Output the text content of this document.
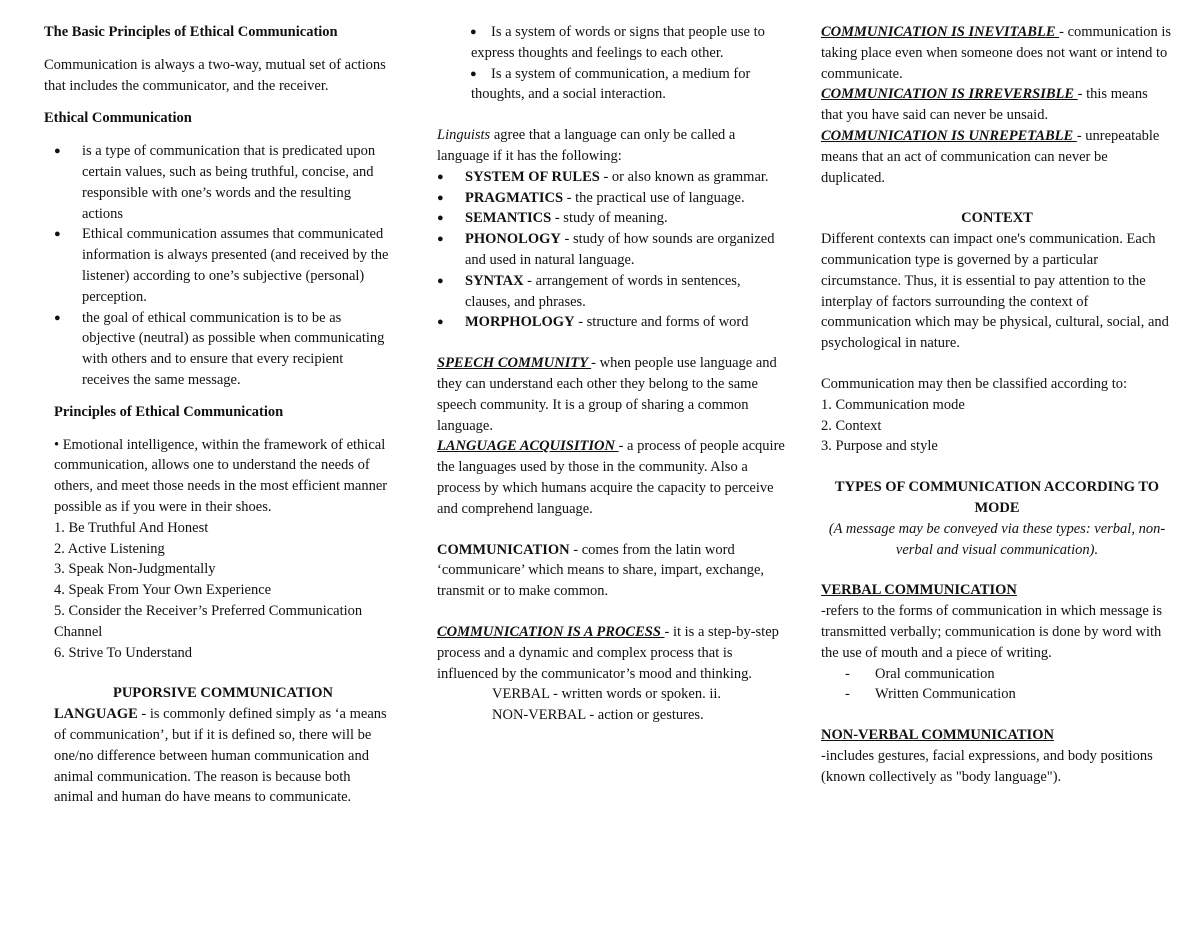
The Basic Principles of Ethical Communication

Communication is always a two-way, mutual set of actions that includes the communicator, and the receiver.

Ethical Communication

● is a type of communication that is predicated upon certain values, such as being truthful, concise, and responsible with one’s words and the resulting actions
● Ethical communication assumes that communicated information is always presented (and received by the listener) according to one’s subjective (personal) perception.
● the goal of ethical communication is to be as objective (neutral) as possible when communicating with others and to ensure that every recipient receives the same message.

Principles of Ethical Communication

• Emotional intelligence, within the framework of ethical communication, allows one to understand the needs of others, and meet those needs in the most efficient manner possible as if you were in their shoes.

1. Be Truthful And Honest

2. Active Listening

3. Speak Non-Judgmentally

4. Speak From Your Own Experience

5. Consider the Receiver’s Preferred Communication Channel

6. Strive To Understand

PUPORSIVE COMMUNICATION

LANGUAGE - is commonly defined simply as ‘a means of communication’, but if it is defined so, there will be one/no difference between human communication and animal communication. The reason is because both animal and human do have means to communicate.

● Is a system of words or signs that people use to express thoughts and feelings to each other.
● Is a system of communication, a medium for thoughts, and a social interaction.

Linguists agree that a language can only be called a language if it has the following:

● SYSTEM OF RULES - or also known as grammar.
● PRAGMATICS - the practical use of language.
● SEMANTICS - study of meaning.
● PHONOLOGY - study of how sounds are organized and used in natural language.
● SYNTAX - arrangement of words in sentences, clauses, and phrases.
● MORPHOLOGY - structure and forms of word

SPEECH COMMUNITY - when people use language and they can understand each other they belong to the same speech community. It is a group of sharing a common language.

LANGUAGE ACQUISITION - a process of people acquire the languages used by those in the community. Also a process by which humans acquire the capacity to perceive and comprehend language.

COMMUNICATION - comes from the latin word ‘communicare’ which means to share, impart, exchange, transmit or to make common.

COMMUNICATION IS A PROCESS - it is a step-by-step process and a dynamic and complex process that is influenced by the communicator’s mood and thinking.

VERBAL - written words or spoken. ii.

NON-VERBAL - action or gestures.

COMMUNICATION IS INEVITABLE - communication is taking place even when someone does not want or intend to communicate.

COMMUNICATION IS IRREVERSIBLE - this means that you have said can never be unsaid.

COMMUNICATION IS UNREPETABLE - unrepeatable means that an act of communication can never be duplicated.

CONTEXT

Different contexts can impact one's communication. Each communication type is governed by a particular circumstance. Thus, it is essential to pay attention to the interplay of factors surrounding the context of communication which may be physical, cultural, social, and psychological in nature.

Communication may then be classified according to:

1. Communication mode

2. Context

3. Purpose and style

TYPES OF COMMUNICATION ACCORDING TO MODE

(A message may be conveyed via these types: verbal, non-verbal and visual communication).

VERBAL COMMUNICATION

-refers to the forms of communication in which message is transmitted verbally; communication is done by word with the use of mouth and a piece of writing.

- Oral communication
- Written Communication

NON-VERBAL COMMUNICATION

-includes gestures, facial expressions, and body positions (known collectively as "body language").
